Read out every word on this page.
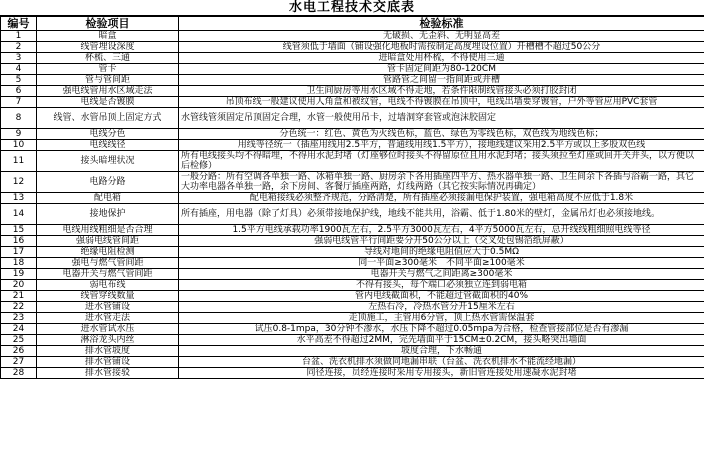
水电工程技术交底表
编号	检验项目	检验标准
1	暗盒	无破损、无歪斜、无明显高差
2	线管埋设深度	线管须低于墙面（铺设强化地板时需按制定高度埋设位置）开槽槽不超过50公分
3	杯梳、三通	进暗盒处用杯梳，不得使用三通
4	管卡	管卡固定间距为80-120CM
5	管与管间距	管路管之间留一指间距或并槽
6	强电线管用水区域走法	卫生间厨房等用水区域不得走地，若条件限制线管接头必须打胶封闭
7	电线是否镀膜	吊顶布线一般建议使用人角盒和被纹管，电线不得镀膜在吊顶中，电线出墙要穿镀管，户外等管应用PVC套管
8	线管、水管吊顶上固定方式	水管线管须固定吊顶固定合理，水管一般使用吊卡，过墙洞穿套管或泡沫胶固定
9	电线分色	分色统一：红色、黄色为火线色标，蓝色、绿色为零线色标，双色线为地线色标；
10	电线线径	用线等径统一（插座用线用2.5平方，普通线用线1.5平方），接地线建议采用2.5平方或以上多股双色线
11	接头暗埋状况	所有电线接头均不得暗埋，不得用水泥封堵（灯座够位时接头不得留原位且用水泥封堵；接头须拉至灯座或回开关并头，以方便以后检修）
12	电路分路	一般分路：所有空调各单独一路、冰箱单独一路、厨房余下各用插座四平方、热水器单独一路、卫生间余下各插与浴霸一路，其它大功率电器各单独一路，余下房间、客餐厅插座两路，灯线两路（其它按实际情况再确定）
13	配电箱	配电箱接线必须整齐规范，分路清楚，所有插座必须接漏电保护装置，强电箱高度不应低于1.8米
14	接地保护	所有插座，用电器（除了灯具）必须带接地保护线，地线不能共用，浴霸、低于1.80米的壁灯，金属吊灯也必须接地线。
15	电线用线粗细是否合理	1.5平方电线承载功率1900瓦左右，2.5平方3000瓦左右，4平方5000瓦左右，总开线线粗细照电线等径
16	强弱电线管间距	强弱电线管平行间距要分开50公分以上（交叉处包锡箔纸屏蔽）
17	绝缘电阻检测	导线对地间的绝缘电阻值应大于0.5MΩ
18	强电与燃气管间距	同一平面≥300毫米　不同平面≥100毫米
19	电器开关与燃气管间距	电器开关与燃气之间距离≥300毫米
20	弱电布线	不得有接头，每个端口必须独立连到弱电箱
21	线管穿线数量	管内电线截面积，不能超过管截面积的40%
22	进水管铺设	左热右冷，冷热水管分开15厘米左右
23	进水管走法	走顶施工，主管用6分管，顶上热水管需保温套
24	进水管试水压	试压0.8-1mpa，30分钟不渗水，水压下降不超过0.05mpa为合格，检查管接部位是否有渗漏
25	淋浴龙头内丝	水平高差不得超过2MM，完先墙面平于15CM±0.2CM，接头略突出墙面
26	排水管坡度	坡度合理，下水畅通
27	排水管铺设	台盆、洗衣机排水须做同地漏串联（台盆、洗衣机排水不能流经地漏）
28	排水管接驳	同径连接，员经连接时采用专用接头，新旧管连接处用速凝水泥封堵
